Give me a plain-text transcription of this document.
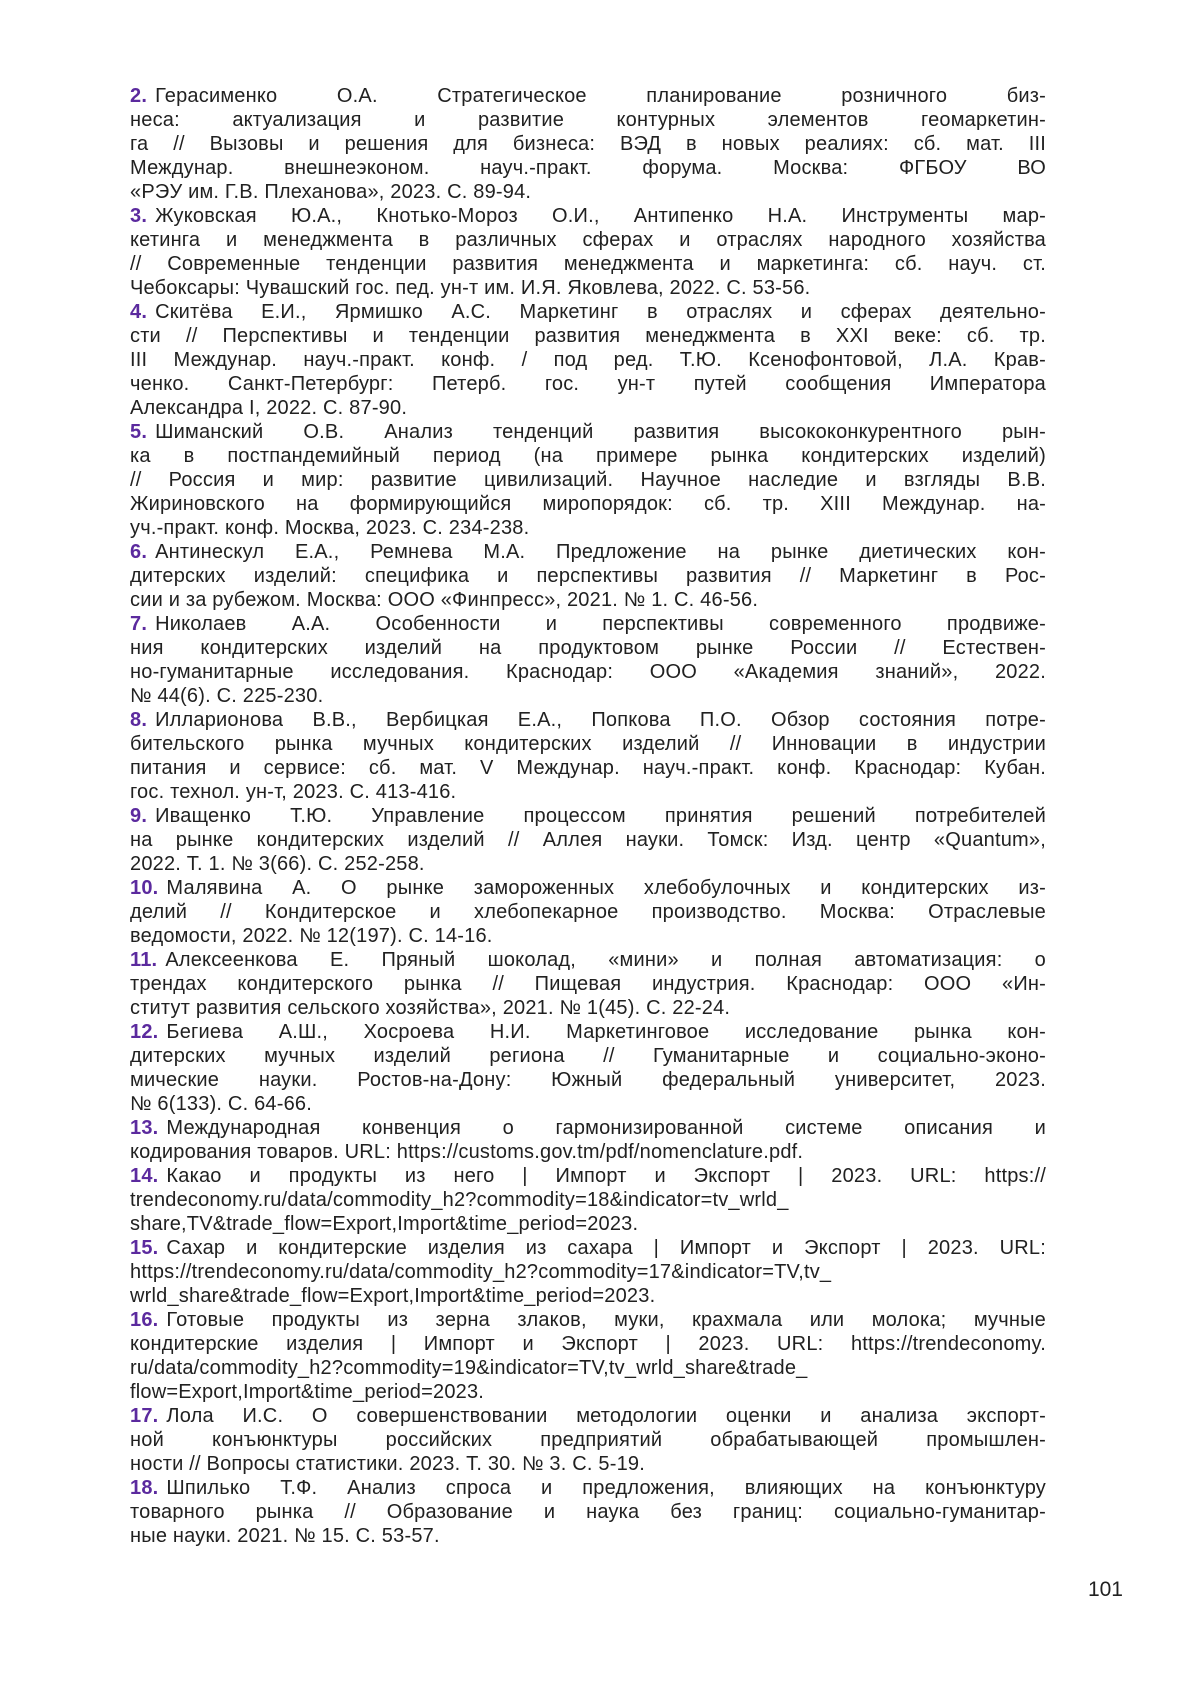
2. Герасименко О.А. Стратегическое планирование розничного биз-
неса: актуализация и развитие контурных элементов геомаркетин-
га // Вызовы и решения для бизнеса: ВЭД в новых реалиях: сб. мат. III
Междунар. внешнеэконом. науч.-практ. форума. Москва: ФГБОУ ВО
«РЭУ им. Г.В. Плеханова», 2023. С. 89-94.
3. Жуковская Ю.А., Кнотько-Мороз О.И., Антипенко Н.А. Инструменты мар-
кетинга и менеджмента в различных сферах и отраслях народного хозяйства
// Современные тенденции развития менеджмента и маркетинга: сб. науч. ст.
Чебоксары: Чувашский гос. пед. ун-т им. И.Я. Яковлева, 2022. С. 53-56.
4. Скитёва Е.И., Ярмишко А.С. Маркетинг в отраслях и сферах деятельно-
сти // Перспективы и тенденции развития менеджмента в XXI веке: сб. тр.
III Междунар. науч.-практ. конф. / под ред. Т.Ю. Ксенофонтовой, Л.А. Крав-
ченко. Санкт-Петербург: Петерб. гос. ун-т путей сообщения Императора
Александра I, 2022. С. 87-90.
5. Шиманский О.В. Анализ тенденций развития высококонкурентного рын-
ка в постпандемийный период (на примере рынка кондитерских изделий)
// Россия и мир: развитие цивилизаций. Научное наследие и взгляды В.В.
Жириновского на формирующийся миропорядок: сб. тр. XIII Междунар. на-
уч.-практ. конф. Москва, 2023. С. 234-238.
6. Антинескул Е.А., Ремнева М.А. Предложение на рынке диетических кон-
дитерских изделий: специфика и перспективы развития // Маркетинг в Рос-
сии и за рубежом. Москва: ООО «Финпресс», 2021. № 1. С. 46-56.
7. Николаев А.А. Особенности и перспективы современного продвиже-
ния кондитерских изделий на продуктовом рынке России // Естествен-
но-гуманитарные исследования. Краснодар: ООО «Академия знаний», 2022.
№ 44(6). С. 225-230.
8. Илларионова В.В., Вербицкая Е.А., Попкова П.О. Обзор состояния потре-
бительского рынка мучных кондитерских изделий // Инновации в индустрии
питания и сервисе: сб. мат. V Междунар. науч.-практ. конф. Краснодар: Кубан.
гос. технол. ун-т, 2023. С. 413-416.
9. Иващенко Т.Ю. Управление процессом принятия решений потребителей
на рынке кондитерских изделий // Аллея науки. Томск: Изд. центр «Quantum»,
2022. Т. 1. № 3(66). С. 252-258.
10. Малявина А. О рынке замороженных хлебобулочных и кондитерских из-
делий // Кондитерское и хлебопекарное производство. Москва: Отраслевые
ведомости, 2022. № 12(197). С. 14-16.
11. Алексеенкова Е. Пряный шоколад, «мини» и полная автоматизация: о
трендах кондитерского рынка // Пищевая индустрия. Краснодар: ООО «Ин-
ститут развития сельского хозяйства», 2021. № 1(45). С. 22-24.
12. Бегиева А.Ш., Хосроева Н.И. Маркетинговое исследование рынка кон-
дитерских мучных изделий региона // Гуманитарные и социально-эконо-
мические науки. Ростов-на-Дону: Южный федеральный университет, 2023.
№ 6(133). С. 64-66.
13. Международная конвенция о гармонизированной системе описания и
кодирования товаров. URL: https://customs.gov.tm/pdf/nomenclature.pdf.
14. Какао и продукты из него | Импорт и Экспорт | 2023. URL: https://
trendeconomy.ru/data/commodity_h2?commodity=18&indicator=tv_wrld_
share,TV&trade_flow=Export,Import&time_period=2023.
15. Сахар и кондитерские изделия из сахара | Импорт и Экспорт | 2023. URL:
https://trendeconomy.ru/data/commodity_h2?commodity=17&indicator=TV,tv_
wrld_share&trade_flow=Export,Import&time_period=2023.
16. Готовые продукты из зерна злаков, муки, крахмала или молока; мучные
кондитерские изделия | Импорт и Экспорт | 2023. URL: https://trendeconomy.
ru/data/commodity_h2?commodity=19&indicator=TV,tv_wrld_share&trade_
flow=Export,Import&time_period=2023.
17. Лола И.С. О совершенствовании методологии оценки и анализа экспорт-
ной конъюнктуры российских предприятий обрабатывающей промышлен-
ности // Вопросы статистики. 2023. Т. 30. № 3. С. 5-19.
18. Шпилько Т.Ф. Анализ спроса и предложения, влияющих на конъюнктуру
товарного рынка // Образование и наука без границ: социально-гуманитар-
ные науки. 2021. № 15. С. 53-57.
101
